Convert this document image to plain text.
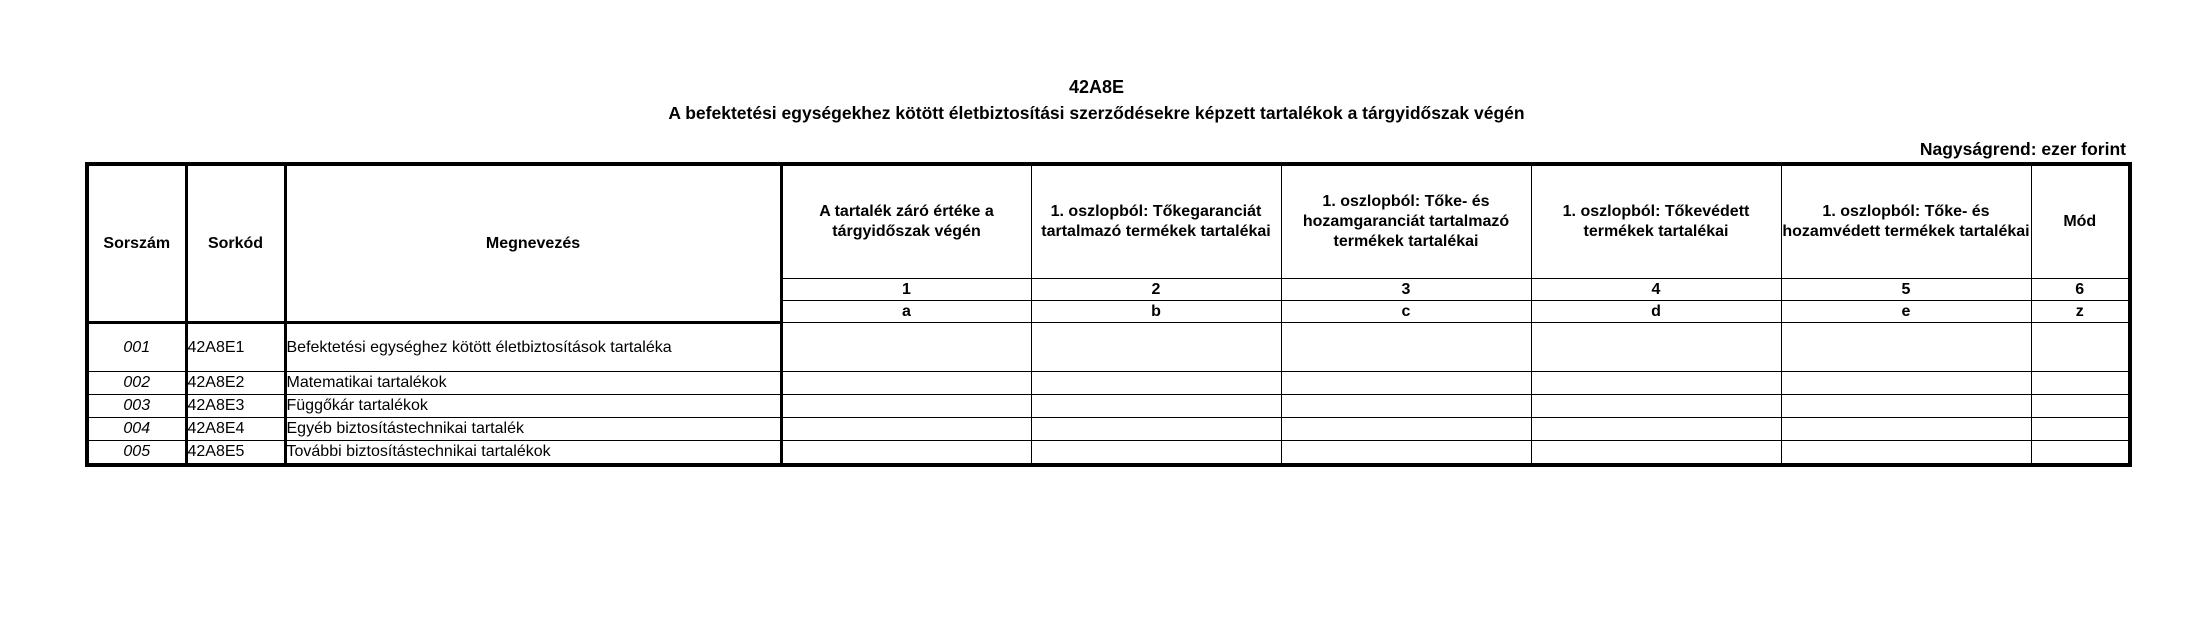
42A8E
A befektetési egységekhez kötött életbiztosítási szerződésekre képzett tartalékok a tárgyidőszak végén
Nagyságrend: ezer forint
Sorszám	Sorkód	Megnevezés	A tartalék záró értéke a tárgyidőszak végén	1. oszlopból: Tőkegaranciát tartalmazó termékek tartalékai	1. oszlopból: Tőke- és hozamgaranciát tartalmazó termékek tartalékai	1. oszlopból: Tőkevédett termékek tartalékai	1. oszlopból: Tőke- és hozamvédett termékek tartalékai	Mód
			1	2	3	4	5	6
			a	b	c	d	e	z
001	42A8E1	Befektetési egységhez kötött életbiztosítások tartaléka						
002	42A8E2	Matematikai tartalékok						
003	42A8E3	Függőkár tartalékok						
004	42A8E4	Egyéb biztosítástechnikai tartalék						
005	42A8E5	További biztosítástechnikai tartalékok						
